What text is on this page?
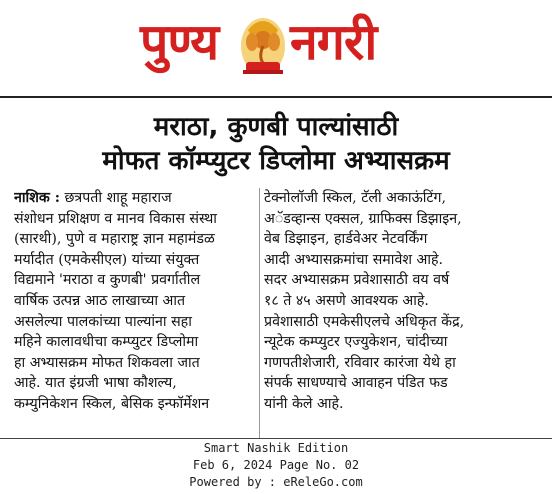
पुण्य नगरी
मराठा, कुणबी पाल्यांसाठी
मोफत कॉम्प्युटर डिप्लोमा अभ्यासक्रम
नाशिक : छत्रपती शाहू महाराज
संशोधन प्रशिक्षण व मानव विकास संस्था
(सारथी), पुणे व महाराष्ट्र ज्ञान महामंडळ
मर्यादीत (एमकेसीएल) यांच्या संयुक्त
विद्यमाने 'मराठा व कुणबी' प्रवर्गातील
वार्षिक उत्पन्न आठ लाखाच्या आत
असलेल्या पालकांच्या पाल्यांना सहा
महिने कालावधीचा कम्प्युटर डिप्लोमा
हा अभ्यासक्रम मोफत शिकवला जात
आहे. यात इंग्रजी भाषा कौशल्य,
कम्युनिकेशन स्किल, बेसिक इन्फॉर्मेशन
टेक्नोलॉजी स्किल, टॅली अकाऊंटिंग,
अॅडव्हान्स एक्सल, ग्राफिक्स डिझाइन,
वेब डिझाइन, हार्डवेअर नेटवर्किंग
आदी अभ्यासक्रमांचा समावेश आहे.
सदर अभ्यासक्रम प्रवेशासाठी वय वर्ष
१८ ते ४५ असणे आवश्यक आहे.
प्रवेशासाठी एमकेसीएलचे अधिकृत केंद्र,
न्यूटेक कम्प्युटर एज्युकेशन, चांदीच्या
गणपतीशेजारी, रविवार कारंजा येथे हा
संपर्क साधण्याचे आवाहन पंडित फड
यांनी केले आहे.
Smart Nashik Edition
Feb 6, 2024 Page No. 02
Powered by : eReleGo.com
